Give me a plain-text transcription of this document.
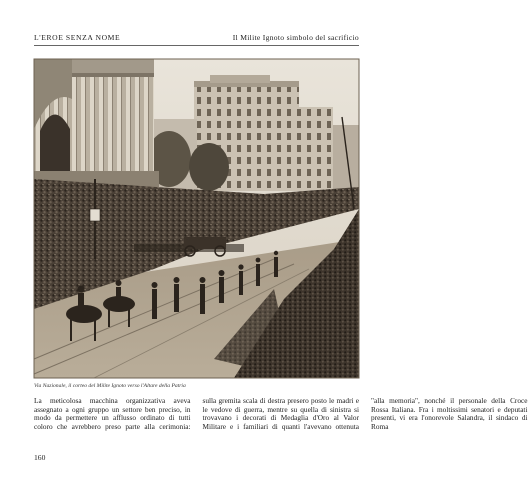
L'EROE SENZA NOME	Il Milite Ignoto simbolo del sacrificio
Via Nazionale, il corteo del Milite Ignoto verso l'Altare della Patria

La meticolosa macchina organizzativa aveva assegnato a ogni gruppo un settore ben preciso, in modo da permettere un afflusso ordinato di tutti coloro che avrebbero preso parte alla cerimonia: sulla gremita scala di destra presero posto le madri e le vedove di guerra, mentre su quella di sinistra si trovavano i decorati di Medaglia d'Oro al Valor Militare e i familiari di quanti l'avevano ottenuta "alla memoria", nonché il personale della Croce Rossa Italiana. Fra i moltissimi senatori e deputati presenti, vi era l'onorevole Salandra, il sindaco di Roma

160
